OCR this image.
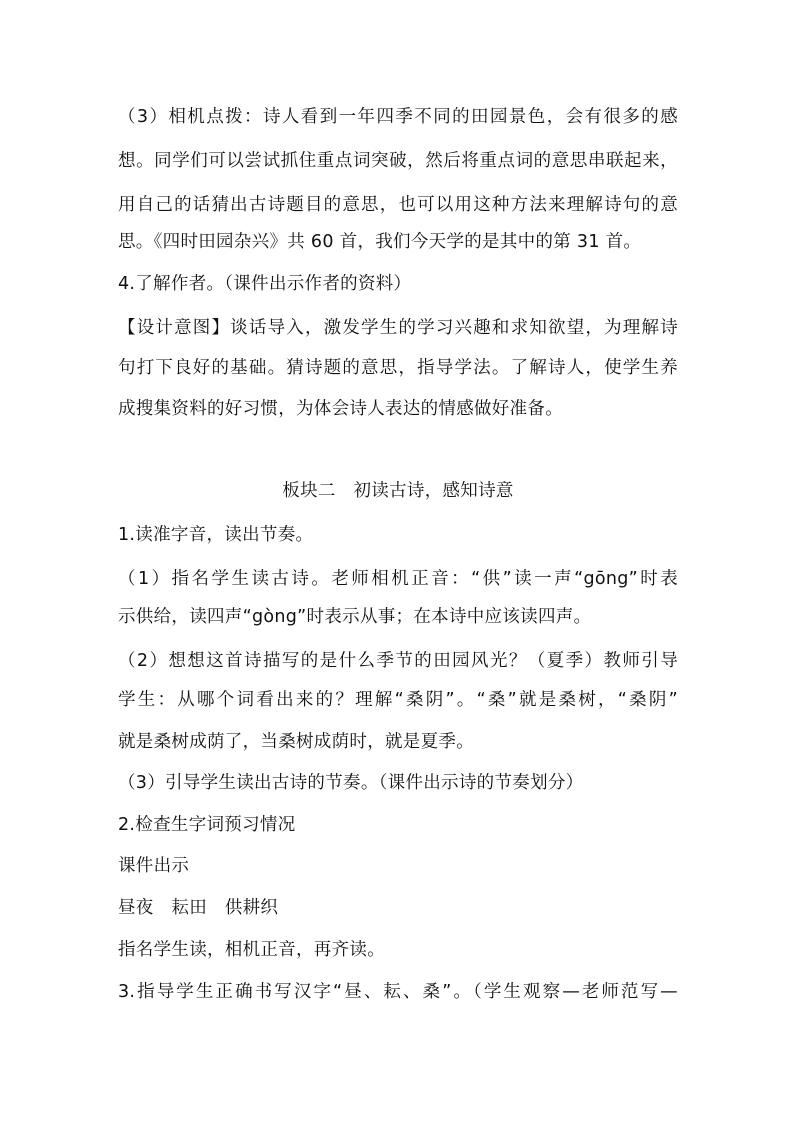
（3）相机点拨：诗人看到一年四季不同的田园景色，会有很多的感
想。同学们可以尝试抓住重点词突破，然后将重点词的意思串联起来，
用自己的话猜出古诗题目的意思，也可以用这种方法来理解诗句的意
思。《四时田园杂兴》共 60 首，我们今天学的是其中的第 31 首。
4.了解作者。（课件出示作者的资料）
【设计意图】谈话导入，激发学生的学习兴趣和求知欲望，为理解诗
句打下良好的基础。猜诗题的意思，指导学法。了解诗人，使学生养
成搜集资料的好习惯，为体会诗人表达的情感做好准备。
板块二　初读古诗，感知诗意
1.读准字音，读出节奏。
（1）指名学生读古诗。老师相机正音：“供”读一声“gōng”时表
示供给，读四声“gòng”时表示从事；在本诗中应该读四声。
（2）想想这首诗描写的是什么季节的田园风光？（夏季）教师引导
学生：从哪个词看出来的？理解“桑阴”。“桑”就是桑树，“桑阴”
就是桑树成荫了，当桑树成荫时，就是夏季。
（3）引导学生读出古诗的节奏。（课件出示诗的节奏划分）
2.检查生字词预习情况
课件出示
昼夜　耘田　供耕织
指名学生读，相机正音，再齐读。
3.指导学生正确书写汉字“昼、耘、桑”。（学生观察—老师范写—
